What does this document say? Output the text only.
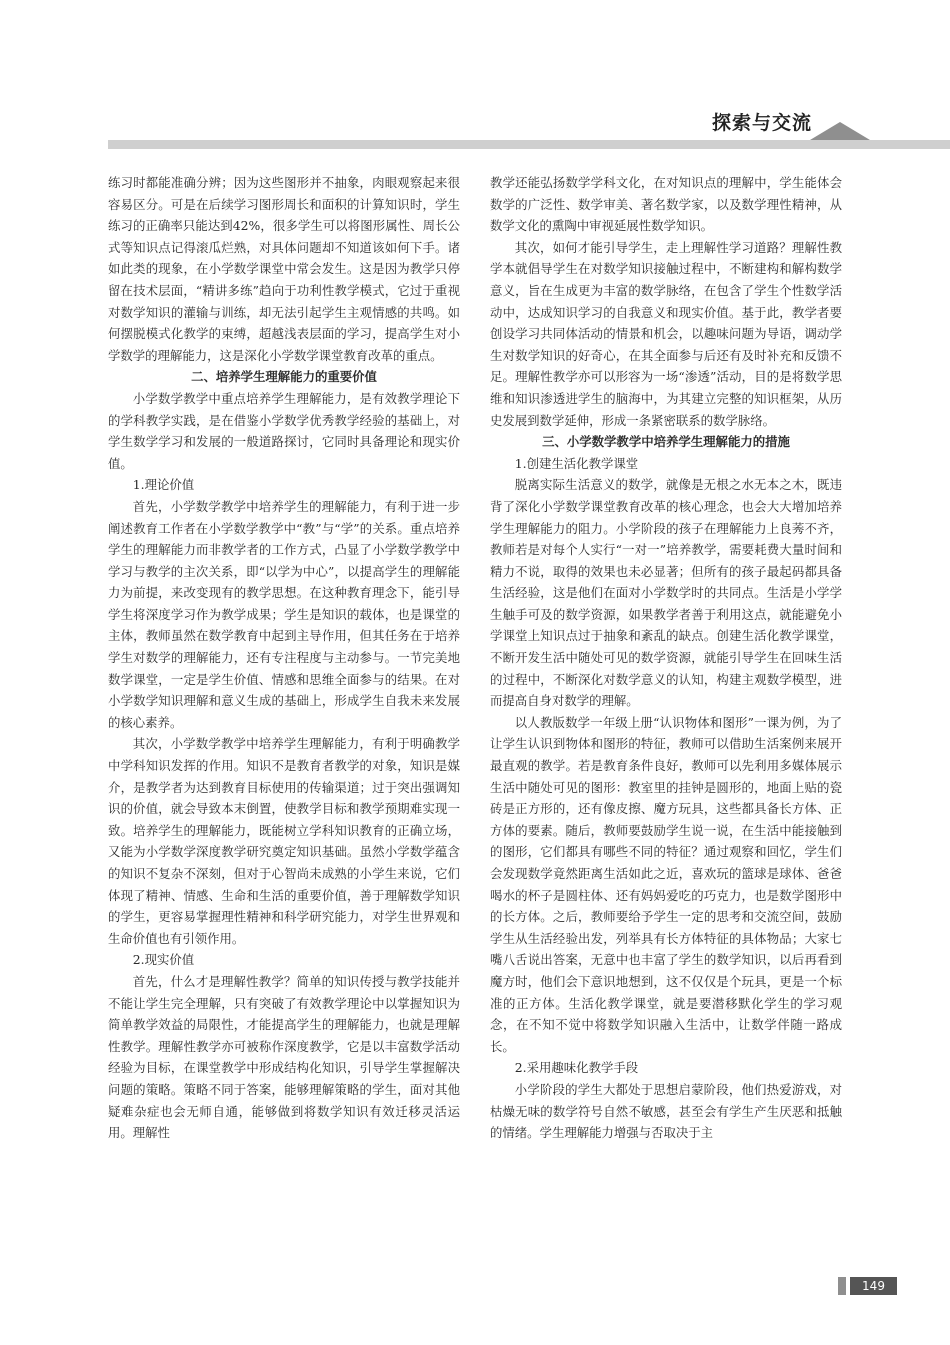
探索与交流

练习时都能准确分辨；因为这些图形并不抽象，肉眼观察起来很容易区分。可是在后续学习图形周长和面积的计算知识时，学生练习的正确率只能达到42%，很多学生可以将图形属性、周长公式等知识点记得滚瓜烂熟，对具体问题却不知道该如何下手。诸如此类的现象，在小学数学课堂中常会发生。这是因为教学只停留在技术层面，“精讲多练”趋向于功利性教学模式，它过于重视对数学知识的灌输与训练，却无法引起学生主观情感的共鸣。如何摆脱模式化教学的束缚，超越浅表层面的学习，提高学生对小学数学的理解能力，这是深化小学数学课堂教育改革的重点。

二、培养学生理解能力的重要价值

小学数学教学中重点培养学生理解能力，是有效教学理论下的学科教学实践，是在借鉴小学数学优秀教学经验的基础上，对学生数学学习和发展的一般道路探讨，它同时具备理论和现实价值。

1.理论价值

首先，小学数学教学中培养学生的理解能力，有利于进一步阐述教育工作者在小学数学教学中“教”与“学”的关系。重点培养学生的理解能力而非教学者的工作方式，凸显了小学数学教学中学习与教学的主次关系，即“以学为中心”，以提高学生的理解能力为前提，来改变现有的教学思想。在这种教育理念下，能引导学生将深度学习作为教学成果；学生是知识的载体，也是课堂的主体，教师虽然在数学教育中起到主导作用，但其任务在于培养学生对数学的理解能力，还有专注程度与主动参与。一节完美地数学课堂，一定是学生价值、情感和思维全面参与的结果。在对小学数学知识理解和意义生成的基础上，形成学生自我未来发展的核心素养。

其次，小学数学教学中培养学生理解能力，有利于明确教学中学科知识发挥的作用。知识不是教育者教学的对象，知识是媒介，是教学者为达到教育目标使用的传输渠道；过于突出强调知识的价值，就会导致本末倒置，使教学目标和教学预期难实现一致。培养学生的理解能力，既能树立学科知识教育的正确立场，又能为小学数学深度教学研究奠定知识基础。虽然小学数学蕴含的知识不复杂不深刻，但对于心智尚未成熟的小学生来说，它们体现了精神、情感、生命和生活的重要价值，善于理解数学知识的学生，更容易掌握理性精神和科学研究能力，对学生世界观和生命价值也有引领作用。

2.现实价值

首先，什么才是理解性教学？简单的知识传授与教学技能并不能让学生完全理解，只有突破了有效教学理论中以掌握知识为简单教学效益的局限性，才能提高学生的理解能力，也就是理解性教学。理解性教学亦可被称作深度教学，它是以丰富数学活动经验为目标，在课堂教学中形成结构化知识，引导学生掌握解决问题的策略。策略不同于答案，能够理解策略的学生，面对其他疑难杂症也会无师自通，能够做到将数学知识有效迁移灵活运用。理解性

教学还能弘扬数学学科文化，在对知识点的理解中，学生能体会数学的广泛性、数学审美、著名数学家，以及数学理性精神，从数学文化的熏陶中审视延展性数学知识。

其次，如何才能引导学生，走上理解性学习道路？理解性教学本就倡导学生在对数学知识接触过程中，不断建构和解构数学意义，旨在生成更为丰富的数学脉络，在包含了学生个性数学活动中，达成知识学习的自我意义和现实价值。基于此，教学者要创设学习共同体活动的情景和机会，以趣味问题为导语，调动学生对数学知识的好奇心，在其全面参与后还有及时补充和反馈不足。理解性教学亦可以形容为一场“渗透”活动，目的是将数学思维和知识渗透进学生的脑海中，为其建立完整的知识框架，从历史发展到数学延伸，形成一条紧密联系的数学脉络。

三、小学数学教学中培养学生理解能力的措施
1.创建生活化教学课堂

脱离实际生活意义的数学，就像是无根之水无本之木，既违背了深化小学数学课堂教育改革的核心理念，也会大大增加培养学生理解能力的阻力。小学阶段的孩子在理解能力上良莠不齐，教师若是对每个人实行“一对一”培养教学，需要耗费大量时间和精力不说，取得的效果也未必显著；但所有的孩子最起码都具备生活经验，这是他们在面对小学数学时的共同点。生活是小学学生触手可及的数学资源，如果教学者善于利用这点，就能避免小学课堂上知识点过于抽象和紊乱的缺点。创建生活化教学课堂，不断开发生活中随处可见的数学资源，就能引导学生在回味生活的过程中，不断深化对数学意义的认知，构建主观数学模型，进而提高自身对数学的理解。

以人教版数学一年级上册“认识物体和图形”一课为例，为了让学生认识到物体和图形的特征，教师可以借助生活案例来展开最直观的教学。若是教育条件良好，教师可以先利用多媒体展示生活中随处可见的图形：教室里的挂钟是圆形的，地面上贴的瓷砖是正方形的，还有像皮擦、魔方玩具，这些都具备长方体、正方体的要素。随后，教师要鼓励学生说一说，在生活中能接触到的图形，它们都具有哪些不同的特征？通过观察和回忆，学生们会发现数学竟然距离生活如此之近，喜欢玩的篮球是球体、爸爸喝水的杯子是圆柱体、还有妈妈爱吃的巧克力，也是数学图形中的长方体。之后，教师要给予学生一定的思考和交流空间，鼓励学生从生活经验出发，列举具有长方体特征的具体物品；大家七嘴八舌说出答案，无意中也丰富了学生的数学知识，以后再看到魔方时，他们会下意识地想到，这不仅仅是个玩具，更是一个标准的正方体。生活化教学课堂，就是要潜移默化学生的学习观念，在不知不觉中将数学知识融入生活中，让数学伴随一路成长。

2.采用趣味化教学手段

小学阶段的学生大都处于思想启蒙阶段，他们热爱游戏，对枯燥无味的数学符号自然不敏感，甚至会有学生产生厌恶和抵触的情绪。学生理解能力增强与否取决于主

149
